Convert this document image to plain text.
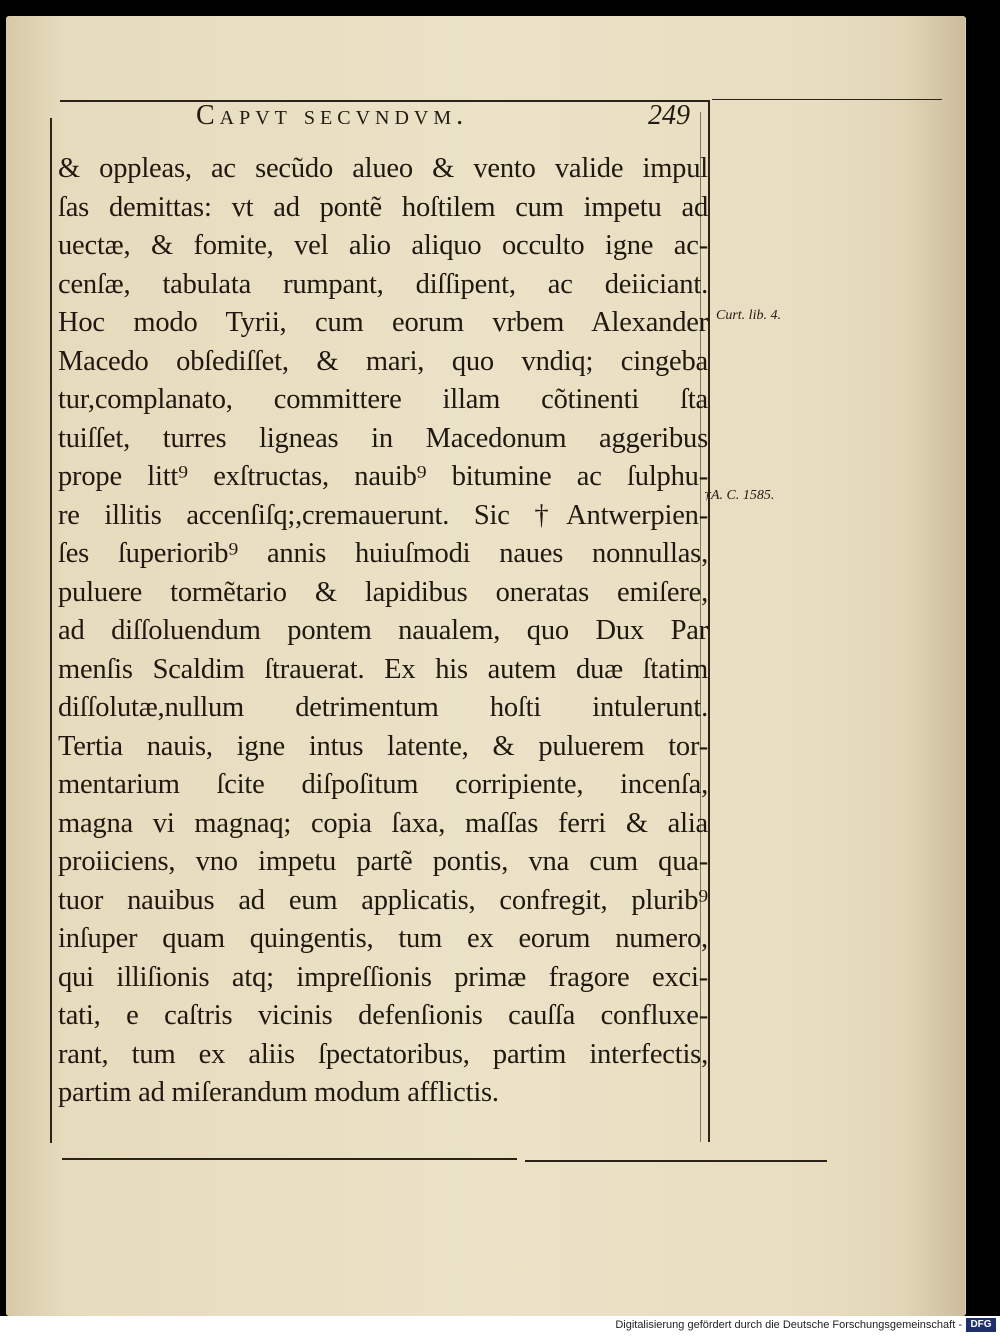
Capvt secvndvm.	249
& oppleas, ac secũdo alueo & vento valide impul
ſas demittas: vt ad pontẽ hoſtilem cum impetu ad
uectæ, & fomite, vel alio aliquo occulto igne ac-
cenſæ, tabulata rumpant, diſſipent, ac deiiciant.
Hoc modo Tyrii, cum eorum vrbem Alexander
Macedo obſediſſet, & mari, quo vndiq; cingeba
tur,complanato, committere illam cõtinenti ſta
tuiſſet, turres ligneas in Macedonum aggeribus
prope litt⁹ exſtructas, nauib⁹ bitumine ac ſulphu-
re illitis accenſiſq;,cremauerunt. Sic †Antwerpien-
ſes ſuperiorib⁹ annis huiuſmodi naues nonnullas,
puluere tormẽtario & lapidibus oneratas emiſere,
ad diſſoluendum pontem naualem, quo Dux Par
menſis Scaldim ſtrauerat. Ex his autem duæ ſtatim
diſſolutæ,nullum detrimentum hoſti intulerunt.
Tertia nauis, igne intus latente, & puluerem tor-
mentarium ſcite diſpoſitum corripiente, incenſa,
magna vi magnaq; copia ſaxa, maſſas ferri & alia
proiiciens, vno impetu partẽ pontis, vna cum qua-
tuor nauibus ad eum applicatis, confregit, plurib⁹
inſuper quam quingentis, tum ex eorum numero,
qui illiſionis atq; impreſſionis primæ fragore exci-
tati, e caſtris vicinis defenſionis cauſſa confluxe-
rant, tum ex aliis ſpectatoribus, partim interfectis,
partim ad miſerandum modum afflictis.
Curt. lib. 4.
†A. C. 1585.
Digitalisierung gefördert durch die Deutsche Forschungsgemeinschaft - DFG
